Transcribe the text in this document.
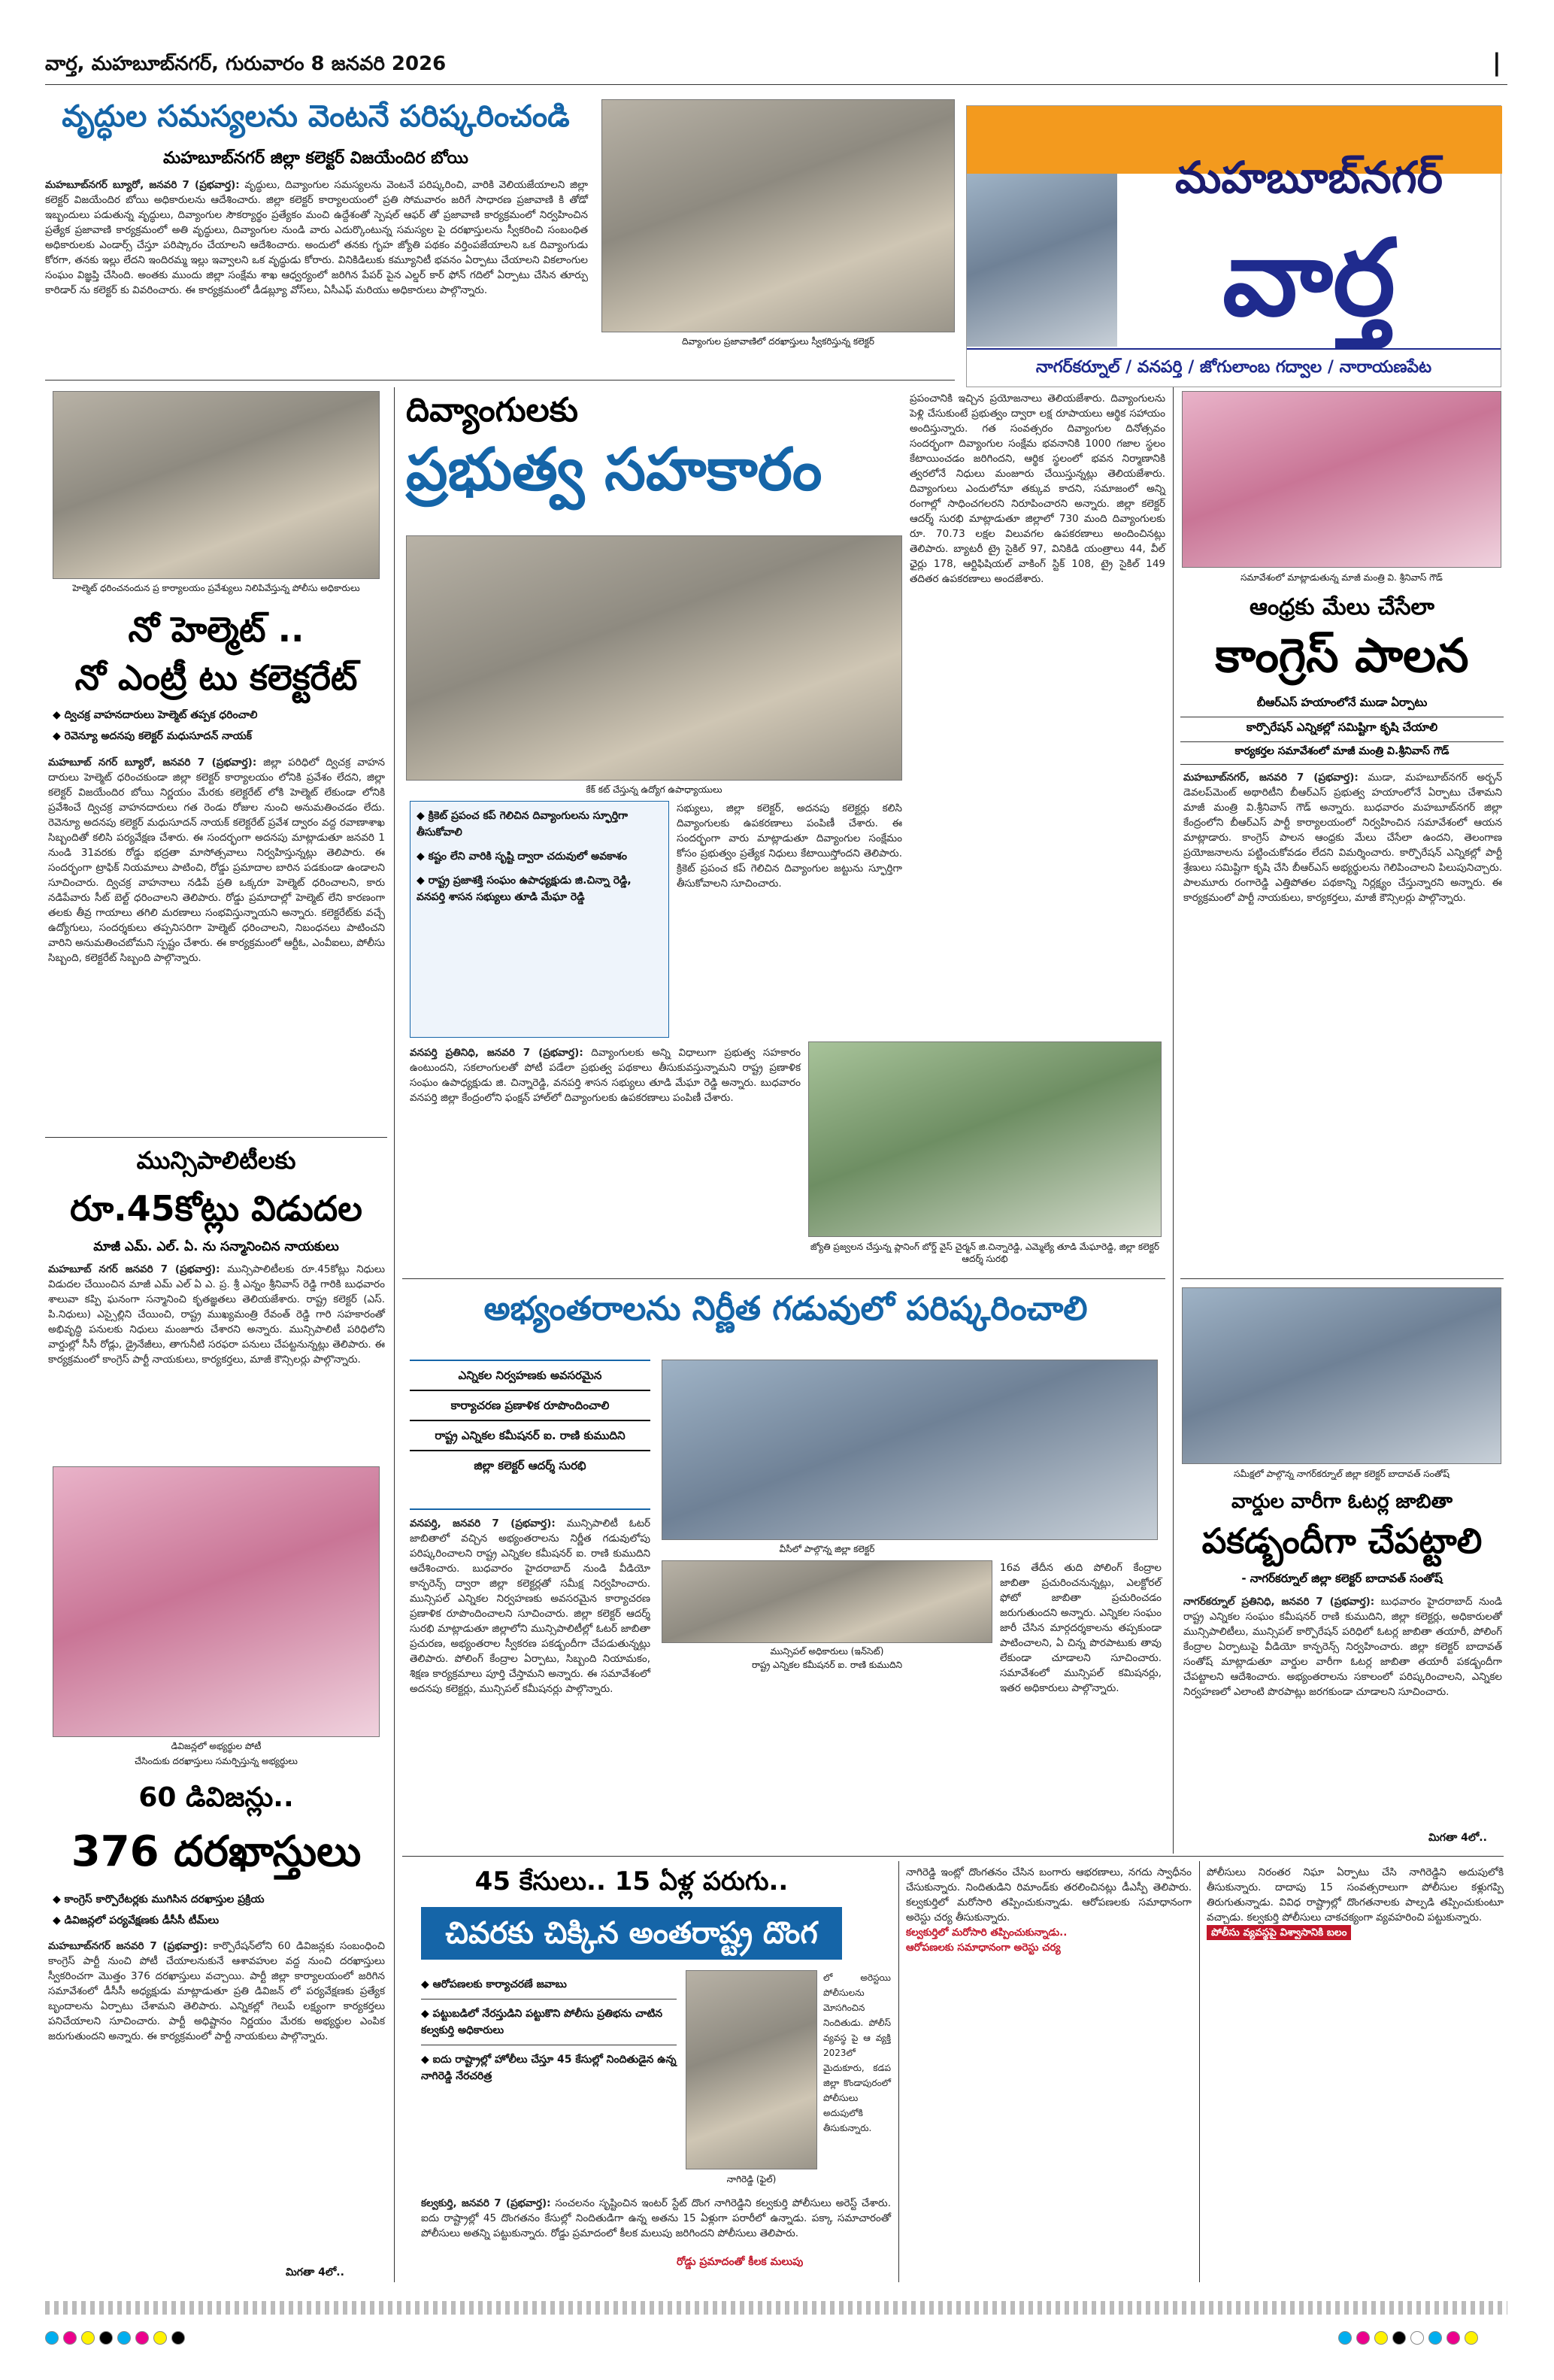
వార్త, మహబూబ్‌నగర్, గురువారం 8 జనవరి 2026	|
వృద్ధుల సమస్యలను వెంటనే పరిష్కరించండి
మహబూబ్‌నగర్ జిల్లా కలెక్టర్ విజయేందిర బోయి
మహబూబ్‌నగర్ బ్యూరో, జనవరి 7 (ప్రభవార్త): వృద్ధులు, దివ్యాంగుల సమస్యలను వెంటనే పరిష్కరించి, వారికి వెలియజేయాలని జిల్లా కలెక్టర్ విజయేందిర బోయి అధికారులను ఆదేశించారు. జిల్లా కలెక్టర్ కార్యాలయంలో ప్రతి సోమవారం జరిగే సాధారణ ప్రజావాణి కి తోడో ఇబ్బందులు పడుతున్న వృద్ధులు, దివ్యాంగుల సౌకర్యార్థం ప్రత్యేకం మంచి ఉద్దేశంతో స్పెషల్ ఆఫర్ తో ప్రజావాణి కార్యక్రమంలో నిర్వహించిన ప్రత్యేక ప్రజావాణి కార్యక్రమంలో అతి వృద్ధులు, దివ్యాంగుల నుండి వారు ఎదుర్కొంటున్న సమస్యల పై దరఖాస్తులను స్వీకరించి సంబంధిత అధికారులకు ఎండార్స్ చేస్తూ పరిష్కారం చేయాలని ఆదేశించారు. అందులో తనకు గృహ జ్యోతి పథకం వర్తింపజేయాలని ఒక దివ్యాంగుడు కోరగా, తనకు ఇల్లు లేదని ఇందిరమ్మ ఇల్లు ఇవ్వాలని ఒక వృద్ధుడు కోరారు. వినికిడిలుకు కమ్యూనిటీ భవనం ఏర్పాటు చేయాలని వికలాంగుల సంఘం విజ్ఞప్తి చేసింది. అంతకు ముందు జిల్లా సంక్షేమ శాఖ ఆధ్వర్యంలో జరిగిన పేపర్ పైన ఎల్డర్ కార్ ఫోన్ గదిలో ఏర్పాటు చేసిన తూర్పు కారిడార్ ను కలెక్టర్ కు వివరించారు. ఈ కార్యక్రమంలో డీడబ్ల్యూ వోస్‌లు, ఏసీఎఫ్ మరియు అధికారులు పాల్గొన్నారు.
దివ్యాంగుల ప్రజావాణిలో దరఖాస్తులు స్వీకరిస్తున్న కలెక్టర్
మహబూబ్‌నగర్
వార్త
నాగర్‌కర్నూల్ / వనపర్తి / జోగులాంబ గద్వాల / నారాయణపేట
హెల్మెట్ ధరించనందున ప్ర కార్యాలయం ప్రవేశ్యులు నిలిపివేస్తున్న పోలీసు అధికారులు
నో హెల్మెట్ ..
నో ఎంట్రీ టు కలెక్టరేట్
◆ ద్విచక్ర వాహనదారులు హెల్మెట్ తప్పక ధరించాలి
◆ రెవెన్యూ అదనపు కలెక్టర్ మధుసూదన్ నాయక్
మహబూబ్ నగర్ బ్యూరో, జనవరి 7 (ప్రభవార్త): జిల్లా పరిధిలో ద్విచక్ర వాహన దారులు హెల్మెట్ ధరించకుండా జిల్లా కలెక్టర్ కార్యాలయం లోనికి ప్రవేశం లేదని, జిల్లా కలెక్టర్ విజయేందిర బోయి నిర్ణయం మేరకు కలెక్టరేట్ లోకి హెల్మెట్ లేకుండా లోనికి ప్రవేశించే ద్విచక్ర వాహనదారులు గత రెండు రోజుల నుంచి అనుమతించడం లేదు. రెవెన్యూ అదనపు కలెక్టర్ మధుసూదన్ నాయక్ కలెక్టరేట్ ప్రవేశ ద్వారం వద్ద రవాణాశాఖ సిబ్బందితో కలిసి పర్యవేక్షణ చేశారు. ఈ సందర్భంగా అదనపు మాట్లాడుతూ జనవరి 1 నుండి 31వరకు రోడ్డు భద్రతా మాసోత్సవాలు నిర్వహిస్తున్నట్లు తెలిపారు. ఈ సందర్భంగా ట్రాఫిక్ నియమాలు పాటించి, రోడ్డు ప్రమాదాల బారిన పడకుండా ఉండాలని సూచించారు. ద్విచక్ర వాహనాలు నడిపే ప్రతి ఒక్కరూ హెల్మెట్ ధరించాలని, కారు నడిపేవారు సీట్ బెల్ట్ ధరించాలని తెలిపారు. రోడ్డు ప్రమాదాల్లో హెల్మెట్ లేని కారణంగా తలకు తీవ్ర గాయాలు తగిలి మరణాలు సంభవిస్తున్నాయని అన్నారు. కలెక్టరేట్‌కు వచ్చే ఉద్యోగులు, సందర్శకులు తప్పనిసరిగా హెల్మెట్ ధరించాలని, నిబంధనలు పాటించని వారిని అనుమతించబోమని స్పష్టం చేశారు. ఈ కార్యక్రమంలో ఆర్టీఓ, ఎంవీఐలు, పోలీసు సిబ్బంది, కలెక్టరేట్ సిబ్బంది పాల్గొన్నారు.
మున్సిపాలిటీలకు
రూ.45కోట్లు విడుదల
మాజీ ఎమ్. ఎల్. ఏ. ను సన్మానించిన నాయకులు
మహబూబ్ నగర్ జనవరి 7 (ప్రభవార్త): మున్సిపాలిటీలకు రూ.45కోట్లు నిధులు విడుదల చేయించిన మాజీ ఎమ్ ఎల్ ఏ ఎ. ప్ర. శ్రీ ఎన్నం శ్రీనివాస్ రెడ్డి గారికి బుధవారం శాలువా కప్పి ఘనంగా సన్మానించి కృతజ్ఞతలు తెలియజేశారు. రాష్ట్ర కలెక్టర్ (ఎస్. పి.నిధులు) ఎస్సైల్లిని చేయించి, రాష్ట్ర ముఖ్యమంత్రి రేవంత్ రెడ్డి గారి సహకారంతో అభివృద్ధి పనులకు నిధులు మంజూరు చేశారని అన్నారు. మున్సిపాలిటీ పరిధిలోని వార్డుల్లో సీసీ రోడ్లు, డ్రైనేజీలు, తాగునీటి సరఫరా పనులు చేపట్టనున్నట్లు తెలిపారు. ఈ కార్యక్రమంలో కాంగ్రెస్ పార్టీ నాయకులు, కార్యకర్తలు, మాజీ కౌన్సిలర్లు పాల్గొన్నారు.
డివిజన్లలో అభ్యర్థుల పోటీ
చేసిందుకు దరఖాస్తులు సమర్పిస్తున్న అభ్యర్థులు
60 డివిజన్లు..
376 దరఖాస్తులు
◆ కాంగ్రెస్ కార్పొరేటర్లకు ముగిసిన దరఖాస్తుల ప్రక్రియ
◆ డివిజన్లలో పర్యవేక్షణకు డీసీసీ టీమ్‌లు
మహబూబ్‌నగర్ జనవరి 7 (ప్రభవార్త): కార్పొరేషన్‌లోని 60 డివిజన్లకు సంబంధించి కాంగ్రెస్ పార్టీ నుంచి పోటీ చేయాలనుకునే ఆశావహుల వద్ద నుంచి దరఖాస్తులు స్వీకరించగా మొత్తం 376 దరఖాస్తులు వచ్చాయి. పార్టీ జిల్లా కార్యాలయంలో జరిగిన సమావేశంలో డీసీసీ అధ్యక్షుడు మాట్లాడుతూ ప్రతి డివిజన్ లో పర్యవేక్షణకు ప్రత్యేక బృందాలను ఏర్పాటు చేశామని తెలిపారు. ఎన్నికల్లో గెలుపే లక్ష్యంగా కార్యకర్తలు పనిచేయాలని సూచించారు. పార్టీ అధిష్టానం నిర్ణయం మేరకు అభ్యర్థుల ఎంపిక జరుగుతుందని అన్నారు. ఈ కార్యక్రమంలో పార్టీ నాయకులు పాల్గొన్నారు.
మిగతా 4లో..
దివ్యాంగులకు
ప్రభుత్వ సహకారం
కేక్ కట్ చేస్తున్న ఉద్యోగ ఉపాధ్యాయులు
ప్రపంచానికి ఇచ్చిన ప్రయోజనాలు తెలియజేశారు. దివ్యాంగులను పెళ్లి చేసుకుంటే ప్రభుత్వం ద్వారా లక్ష రూపాయలు ఆర్థిక సహాయం అందిస్తున్నారు. గత సంవత్సరం దివ్యాంగుల దినోత్సవం సందర్భంగా దివ్యాంగుల సంక్షేమ భవనానికి 1000 గజాల స్థలం కేటాయించడం జరిగిందని, ఆర్థిక స్థలంలో భవన నిర్మాణానికి త్వరలోనే నిధులు మంజూరు చేయిస్తున్నట్లు తెలియజేశారు. దివ్యాంగులు ఎందులోనూ తక్కువ కాదని, సమాజంలో అన్ని రంగాల్లో సాధించగలరని నిరూపించారని అన్నారు. జిల్లా కలెక్టర్ ఆదర్శ్ సురభి మాట్లాడుతూ జిల్లాలో 730 మంది దివ్యాంగులకు రూ. 70.73 లక్షల విలువగల ఉపకరణాలు అందించినట్లు తెలిపారు. బ్యాటరీ ట్రై సైకిల్ 97, వినికిడి యంత్రాలు 44, వీల్ ఛైర్లు 178, ఆర్టిఫిషియల్ వాకింగ్ స్టిక్ 108, ట్రై సైకిల్ 149 తదితర ఉపకరణాలు అందజేశారు.
◆ క్రికెట్ ప్రపంచ కప్ గెలిచిన దివ్యాంగులను స్ఫూర్తిగా తీసుకోవాలి
◆ కష్టం లేని వారికి సృష్టి ద్వారా చదువులో అవకాశం
◆ రాష్ట్ర ప్రజాశక్తి సంఘం ఉపాధ్యక్షుడు జి.చిన్నా రెడ్డి, వనపర్తి శాసన సభ్యులు తూడి మేఘా రెడ్డి
సభ్యులు, జిల్లా కలెక్టర్, అదనపు కలెక్టర్లు కలిసి దివ్యాంగులకు ఉపకరణాలు పంపిణీ చేశారు. ఈ సందర్భంగా వారు మాట్లాడుతూ దివ్యాంగుల సంక్షేమం కోసం ప్రభుత్వం ప్రత్యేక నిధులు కేటాయిస్తోందని తెలిపారు. క్రికెట్ ప్రపంచ కప్ గెలిచిన దివ్యాంగుల జట్టును స్ఫూర్తిగా తీసుకోవాలని సూచించారు.
వనపర్తి ప్రతినిధి, జనవరి 7 (ప్రభవార్త): దివ్యాంగులకు అన్ని విధాలుగా ప్రభుత్వ సహకారం ఉంటుందని, సకలాంగులతో పోటీ పడేలా ప్రభుత్వ పథకాలు తీసుకువస్తున్నామని రాష్ట్ర ప్రణాళిక సంఘం ఉపాధ్యక్షుడు జి. చిన్నారెడ్డి, వనపర్తి శాసన సభ్యులు తూడి మేఘా రెడ్డి అన్నారు. బుధవారం వనపర్తి జిల్లా కేంద్రంలోని ఫంక్షన్ హాల్‌లో దివ్యాంగులకు ఉపకరణాలు పంపిణీ చేశారు.
జ్యోతి ప్రజ్వలన చేస్తున్న ప్లానింగ్ బోర్డ్ వైస్ చైర్మన్ జి.చిన్నారెడ్డి, ఎమ్మెల్యే తూడి మేఘారెడ్డి, జిల్లా కలెక్టర్ ఆదర్శ్ సురభి
అభ్యంతరాలను నిర్ణీత గడువులో పరిష్కరించాలి
ఎన్నికల నిర్వహణకు అవసరమైన
కార్యాచరణ ప్రణాళిక రూపొందించాలి
రాష్ట్ర ఎన్నికల కమీషనర్ ఐ. రాణి కుముదిని
జిల్లా కలెక్టర్ ఆదర్శ్ సురభి
వనపర్తి, జనవరి 7 (ప్రభవార్త): మున్సిపాలిటీ ఓటర్ జాబితాలో వచ్చిన అభ్యంతరాలను నిర్ణీత గడువులోపు పరిష్కరించాలని రాష్ట్ర ఎన్నికల కమీషనర్ ఐ. రాణి కుముదిని ఆదేశించారు. బుధవారం హైదరాబాద్ నుండి వీడియో కాన్ఫరెన్స్ ద్వారా జిల్లా కలెక్టర్లతో సమీక్ష నిర్వహించారు. మున్సిపల్ ఎన్నికల నిర్వహణకు అవసరమైన కార్యాచరణ ప్రణాళిక రూపొందించాలని సూచించారు. జిల్లా కలెక్టర్ ఆదర్శ్ సురభి మాట్లాడుతూ జిల్లాలోని మున్సిపాలిటీల్లో ఓటర్ జాబితా ప్రచురణ, అభ్యంతరాల స్వీకరణ పకడ్బందీగా చేపడుతున్నట్లు తెలిపారు. పోలింగ్ కేంద్రాల ఏర్పాటు, సిబ్బంది నియామకం, శిక్షణ కార్యక్రమాలు పూర్తి చేస్తామని అన్నారు. ఈ సమావేశంలో అదనపు కలెక్టర్లు, మున్సిపల్ కమీషనర్లు పాల్గొన్నారు.
వీసీలో పాల్గొన్న జిల్లా కలెక్టర్
మున్సిపల్ అధికారులు (ఇన్‌సెట్)
రాష్ట్ర ఎన్నికల కమీషనర్ ఐ. రాణి కుముదిని
16వ తేదీన తుది పోలింగ్ కేంద్రాల జాబితా ప్రచురించనున్నట్లు, ఎలక్టోరల్ ఫోటో జాబితా ప్రచురించడం జరుగుతుందని అన్నారు. ఎన్నికల సంఘం జారీ చేసిన మార్గదర్శకాలను తప్పకుండా పాటించాలని, ఏ చిన్న పొరపాటుకు తావు లేకుండా చూడాలని సూచించారు. సమావేశంలో మున్సిపల్ కమిషనర్లు, ఇతర అధికారులు పాల్గొన్నారు.
సమావేశంలో మాట్లాడుతున్న మాజీ మంత్రి వి. శ్రీనివాస్ గౌడ్
ఆంధ్రకు మేలు చేసేలా
కాంగ్రెస్ పాలన
బీఆర్ఎస్ హయాంలోనే ముడా ఏర్పాటు
కార్పొరేషన్ ఎన్నికల్లో సమిష్టిగా కృషి చేయాలి
కార్యకర్తల సమావేశంలో మాజీ మంత్రి వి.శ్రీనివాస్ గౌడ్
మహబూబ్‌నగర్, జనవరి 7 (ప్రభవార్త): ముడా, మహబూబ్‌నగర్ అర్బన్ డెవలప్‌మెంట్ అథారిటీని బీఆర్ఎస్ ప్రభుత్వ హయాంలోనే ఏర్పాటు చేశామని మాజీ మంత్రి వి.శ్రీనివాస్ గౌడ్ అన్నారు. బుధవారం మహబూబ్‌నగర్ జిల్లా కేంద్రంలోని బీఆర్ఎస్ పార్టీ కార్యాలయంలో నిర్వహించిన సమావేశంలో ఆయన మాట్లాడారు. కాంగ్రెస్ పాలన ఆంధ్రకు మేలు చేసేలా ఉందని, తెలంగాణ ప్రయోజనాలను పట్టించుకోవడం లేదని విమర్శించారు. కార్పొరేషన్ ఎన్నికల్లో పార్టీ శ్రేణులు సమిష్టిగా కృషి చేసి బీఆర్ఎస్ అభ్యర్థులను గెలిపించాలని పిలుపునిచ్చారు. పాలమూరు రంగారెడ్డి ఎత్తిపోతల పథకాన్ని నిర్లక్ష్యం చేస్తున్నారని అన్నారు. ఈ కార్యక్రమంలో పార్టీ నాయకులు, కార్యకర్తలు, మాజీ కౌన్సిలర్లు పాల్గొన్నారు.
సమీక్షలో పాల్గొన్న నాగర్‌కర్నూల్ జిల్లా కలెక్టర్ బాదావత్ సంతోష్
వార్డుల వారీగా ఓటర్ల జాబితా
పకడ్బందీగా చేపట్టాలి
- నాగర్‌కర్నూల్ జిల్లా కలెక్టర్ బాదావత్ సంతోష్
నాగర్‌కర్నూల్ ప్రతినిధి, జనవరి 7 (ప్రభవార్త): బుధవారం హైదరాబాద్ నుండి రాష్ట్ర ఎన్నికల సంఘం కమీషనర్ రాణి కుముదిని, జిల్లా కలెక్టర్లు, అధికారులతో మున్సిపాలిటీలు, మున్సిపల్ కార్పొరేషన్ పరిధిలో ఓటర్ల జాబితా తయారీ, పోలింగ్ కేంద్రాల ఏర్పాటుపై వీడియో కాన్ఫరెన్స్ నిర్వహించారు. జిల్లా కలెక్టర్ బాదావత్ సంతోష్ మాట్లాడుతూ వార్డుల వారీగా ఓటర్ల జాబితా తయారీ పకడ్బందీగా చేపట్టాలని ఆదేశించారు. అభ్యంతరాలను సకాలంలో పరిష్కరించాలని, ఎన్నికల నిర్వహణలో ఎలాంటి పొరపాట్లు జరగకుండా చూడాలని సూచించారు.
మిగతా 4లో..
45 కేసులు.. 15 ఏళ్ల పరుగు..
చివరకు చిక్కిన అంతరాష్ట్ర దొంగ
◆ ఆరోపణలకు కార్యాచరణే జవాబు
◆ పట్టుబడిలో నేరస్తుడిని పట్టుకొని పోలీసు ప్రతిభను చాటిన కల్వకుర్తి అధికారులు
◆ ఐదు రాష్ట్రాల్లో హోలీలు చేస్తూ 45 కేసుల్లో నిందితుడైన ఉన్న నాగిరెడ్డి నేరచరిత్ర
నాగిరెడ్డి (ఫైల్)
లో అరెస్టయి పోలీసులను మోసగించిన నిందితుడు. పోలీస్ వ్యవస్థ పై ఆ వ్యక్తి 2023లో మైదుకూరు, కడప జిల్లా కొండాపురంలో పోలీసులు అదుపులోకి తీసుకున్నారు.
కల్వకుర్తి, జనవరి 7 (ప్రభవార్త): సంచలనం సృష్టించిన ఇంటర్ స్టేట్ దొంగ నాగిరెడ్డిని కల్వకుర్తి పోలీసులు అరెస్ట్ చేశారు. ఐదు రాష్ట్రాల్లో 45 దొంగతనం కేసుల్లో నిందితుడిగా ఉన్న అతను 15 ఏళ్లుగా పరారీలో ఉన్నాడు. పక్కా సమాచారంతో పోలీసులు అతన్ని పట్టుకున్నారు. రోడ్డు ప్రమాదంలో కీలక మలుపు జరిగిందని పోలీసులు తెలిపారు.
రోడ్డు ప్రమాదంతో కీలక మలుపు
నాగిరెడ్డి ఇంట్లో దొంగతనం చేసిన బంగారు ఆభరణాలు, నగదు స్వాధీనం చేసుకున్నారు. నిందితుడిని రిమాండ్‌కు తరలించినట్లు డీఎస్పీ తెలిపారు. కల్వకుర్తిలో మరోసారి తప్పించుకున్నాడు. ఆరోపణలకు సమాధానంగా అరెస్టు చర్య తీసుకున్నారు.
కల్వకుర్తిలో మరోసారి తప్పించుకున్నాడు..
ఆరోపణలకు సమాధానంగా అరెస్టు చర్య
పోలీసులు నిరంతర నిఘా ఏర్పాటు చేసి నాగిరెడ్డిని అదుపులోకి తీసుకున్నారు. దాదాపు 15 సంవత్సరాలుగా పోలీసుల కళ్లుగప్పి తిరుగుతున్నాడు. వివిధ రాష్ట్రాల్లో దొంగతనాలకు పాల్పడి తప్పించుకుంటూ వచ్చాడు. కల్వకుర్తి పోలీసులు చాకచక్యంగా వ్యవహరించి పట్టుకున్నారు.
పోలీసు వ్యవస్థపై విశ్వాసానికి బలం
